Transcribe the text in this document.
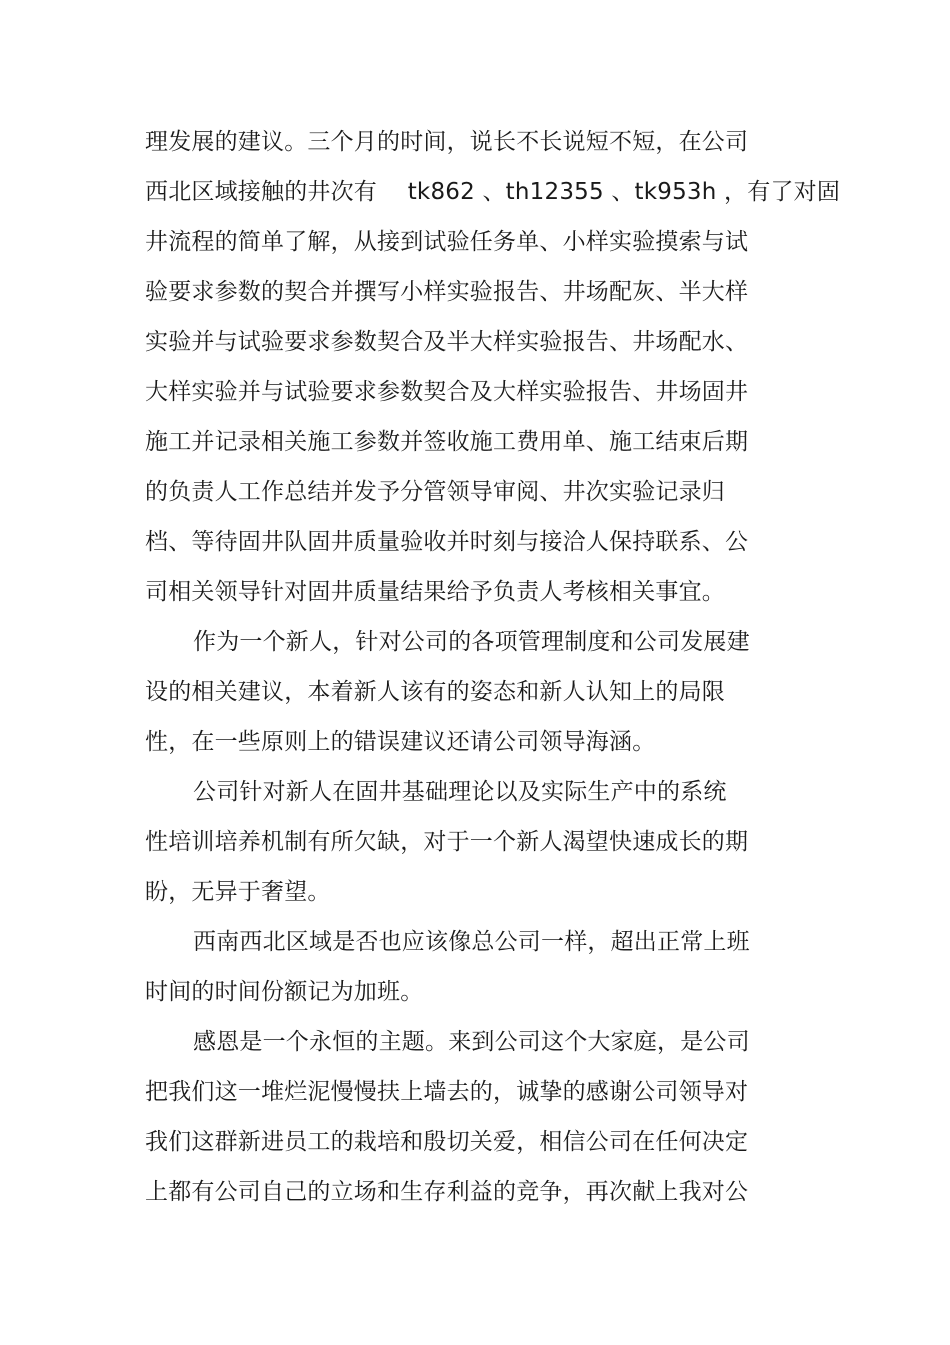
理发展的建议。三个月的时间，说长不长说短不短，在公司
西北区域接触的井次有　 tk862 、th12355 、tk953h ，有了对固
井流程的简单了解，从接到试验任务单、小样实验摸索与试
验要求参数的契合并撰写小样实验报告、井场配灰、半大样
实验并与试验要求参数契合及半大样实验报告、井场配水、
大样实验并与试验要求参数契合及大样实验报告、井场固井
施工并记录相关施工参数并签收施工费用单、施工结束后期
的负责人工作总结并发予分管领导审阅、井次实验记录归
档、等待固井队固井质量验收并时刻与接洽人保持联系、公
司相关领导针对固井质量结果给予负责人考核相关事宜。
作为一个新人，针对公司的各项管理制度和公司发展建
设的相关建议，本着新人该有的姿态和新人认知上的局限
性，在一些原则上的错误建议还请公司领导海涵。
公司针对新人在固井基础理论以及实际生产中的系统
性培训培养机制有所欠缺，对于一个新人渴望快速成长的期
盼，无异于奢望。
西南西北区域是否也应该像总公司一样，超出正常上班
时间的时间份额记为加班。
感恩是一个永恒的主题。来到公司这个大家庭，是公司
把我们这一堆烂泥慢慢扶上墙去的，诚挚的感谢公司领导对
我们这群新进员工的栽培和殷切关爱，相信公司在任何决定
上都有公司自己的立场和生存利益的竞争，再次献上我对公
